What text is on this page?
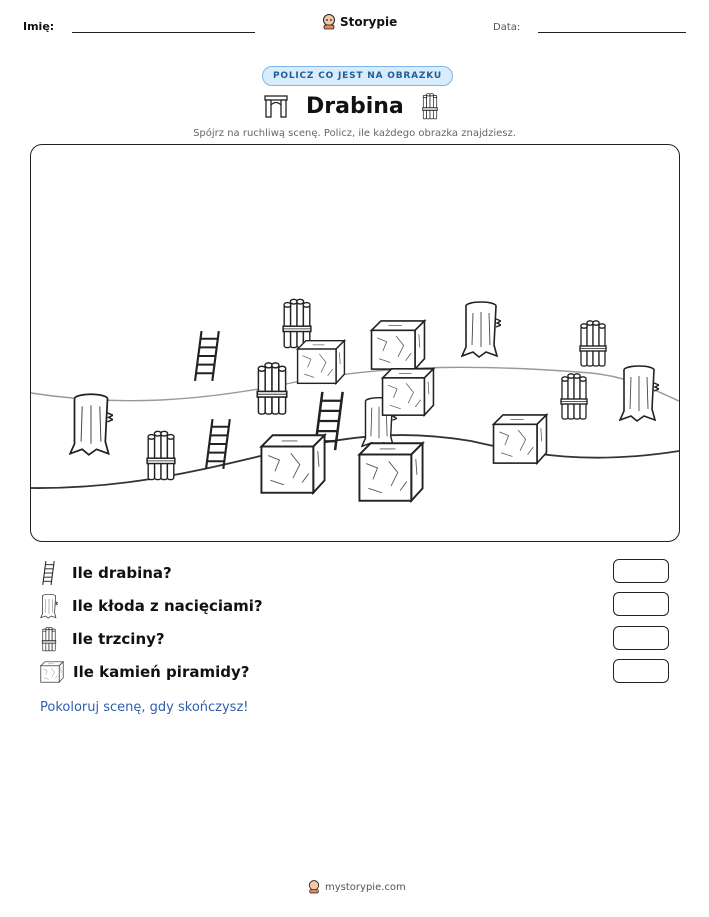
Imię:	Storypie	Data:
POLICZ CO JEST NA OBRAZKU
Drabina
Spójrz na ruchliwą scenę. Policz, ile każdego obrazka znajdziesz.
Ile drabina?
Ile kłoda z nacięciami?
Ile trzciny?
Ile kamień piramidy?
Pokoloruj scenę, gdy skończysz!
mystorypie.com
